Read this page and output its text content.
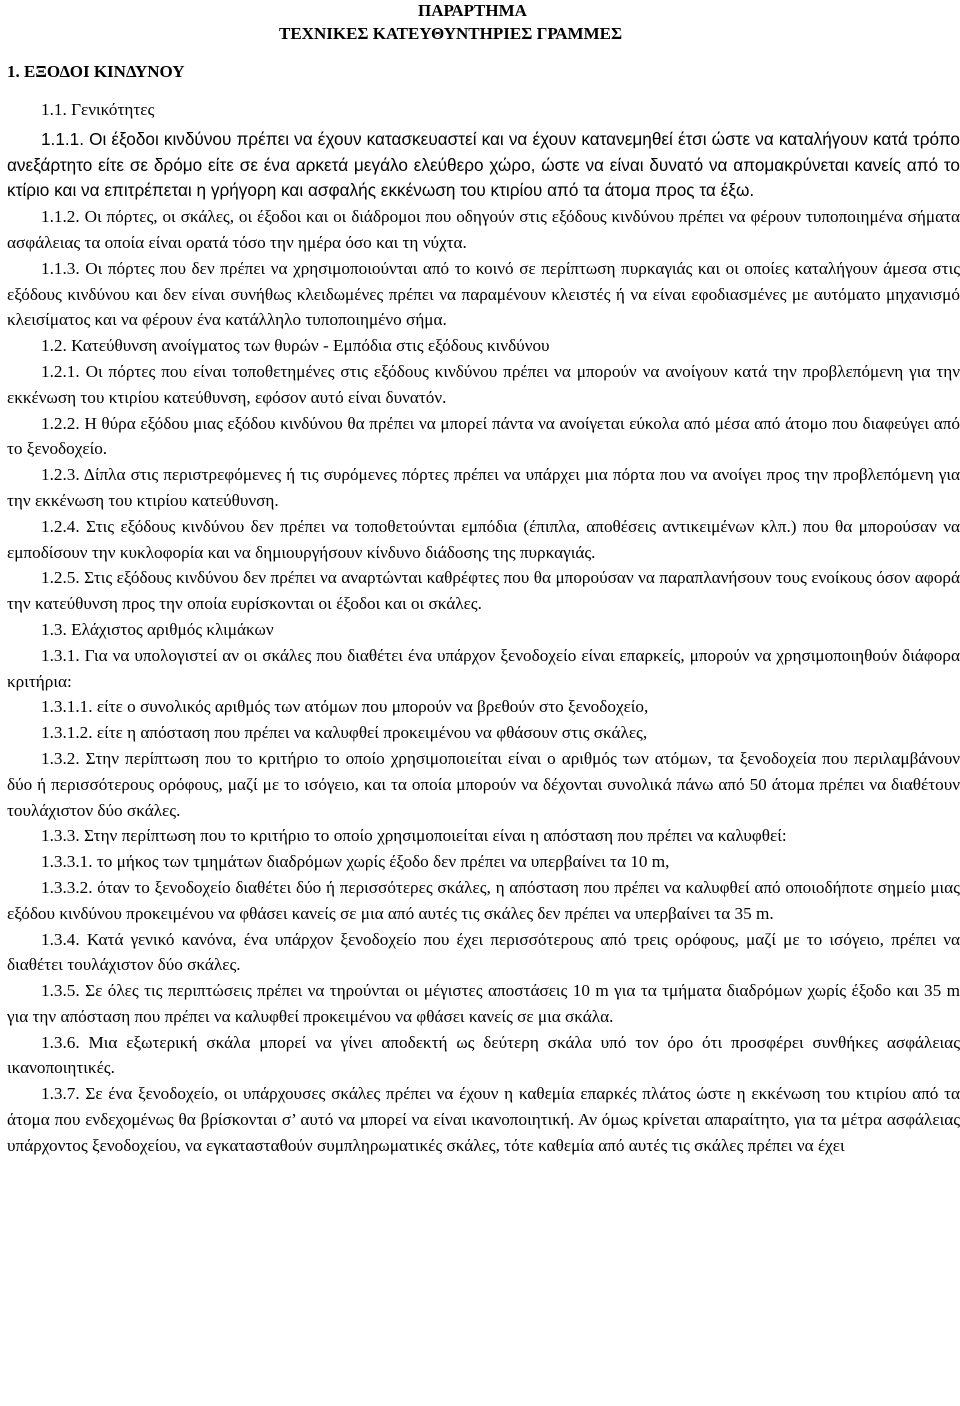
ΠΑΡΑΡΤΗΜΑ
ΤΕΧΝΙΚΕΣ ΚΑΤΕΥΘΥΝΤΗΡΙΕΣ ΓΡΑΜΜΕΣ
1. ΕΞΟΔΟΙ ΚΙΝΔΥΝΟΥ

1.1. Γενικότητες

1.1.1. Οι έξοδοι κινδύνου πρέπει να έχουν κατασκευαστεί και να έχουν κατανεμηθεί έτσι ώστε να καταλήγουν κατά τρόπο ανεξάρτητο είτε σε δρόμο είτε σε ένα αρκετά μεγάλο ελεύθερο χώρο, ώστε να είναι δυνατό να απομακρύνεται κανείς από το κτίριο και να επιτρέπεται η γρήγορη και ασφαλής εκκένωση του κτιρίου από τα άτομα προς τα έξω.

1.1.2. Οι πόρτες, οι σκάλες, οι έξοδοι και οι διάδρομοι που οδηγούν στις εξόδους κινδύνου πρέπει να φέρουν τυποποιημένα σήματα ασφάλειας τα οποία είναι ορατά τόσο την ημέρα όσο και τη νύχτα.

1.1.3. Οι πόρτες που δεν πρέπει να χρησιμοποιούνται από το κοινό σε περίπτωση πυρκαγιάς και οι οποίες καταλήγουν άμεσα στις εξόδους κινδύνου και δεν είναι συνήθως κλειδωμένες πρέπει να παραμένουν κλειστές ή να είναι εφοδιασμένες με αυτόματο μηχανισμό κλεισίματος και να φέρουν ένα κατάλληλο τυποποιημένο σήμα.

1.2. Κατεύθυνση ανοίγματος των θυρών - Εμπόδια στις εξόδους κινδύνου

1.2.1. Οι πόρτες που είναι τοποθετημένες στις εξόδους κινδύνου πρέπει να μπορούν να ανοίγουν κατά την προβλεπόμενη για την εκκένωση του κτιρίου κατεύθυνση, εφόσον αυτό είναι δυνατόν.

1.2.2. Η θύρα εξόδου μιας εξόδου κινδύνου θα πρέπει να μπορεί πάντα να ανοίγεται εύκολα από μέσα από άτομο που διαφεύγει από το ξενοδοχείο.

1.2.3. Δίπλα στις περιστρεφόμενες ή τις συρόμενες πόρτες πρέπει να υπάρχει μια πόρτα που να ανοίγει προς την προβλεπόμενη για την εκκένωση του κτιρίου κατεύθυνση.

1.2.4. Στις εξόδους κινδύνου δεν πρέπει να τοποθετούνται εμπόδια (έπιπλα, αποθέσεις αντικειμένων κλπ.) που θα μπορούσαν να εμποδίσουν την κυκλοφορία και να δημιουργήσουν κίνδυνο διάδοσης της πυρκαγιάς.

1.2.5. Στις εξόδους κινδύνου δεν πρέπει να αναρτώνται καθρέφτες που θα μπορούσαν να παραπλανήσουν τους ενοίκους όσον αφορά την κατεύθυνση προς την οποία ευρίσκονται οι έξοδοι και οι σκάλες.

1.3. Ελάχιστος αριθμός κλιμάκων

1.3.1. Για να υπολογιστεί αν οι σκάλες που διαθέτει ένα υπάρχον ξενοδοχείο είναι επαρκείς, μπορούν να χρησιμοποιηθούν διάφορα κριτήρια:

1.3.1.1. είτε ο συνολικός αριθμός των ατόμων που μπορούν να βρεθούν στο ξενοδοχείο,

1.3.1.2. είτε η απόσταση που πρέπει να καλυφθεί προκειμένου να φθάσουν στις σκάλες,

1.3.2. Στην περίπτωση που το κριτήριο το οποίο χρησιμοποιείται είναι ο αριθμός των ατόμων, τα ξενοδοχεία που περιλαμβάνουν δύο ή περισσότερους ορόφους, μαζί με το ισόγειο, και τα οποία μπορούν να δέχονται συνολικά πάνω από 50 άτομα πρέπει να διαθέτουν τουλάχιστον δύο σκάλες.

1.3.3. Στην περίπτωση που το κριτήριο το οποίο χρησιμοποιείται είναι η απόσταση που πρέπει να καλυφθεί:

1.3.3.1. το μήκος των τμημάτων διαδρόμων χωρίς έξοδο δεν πρέπει να υπερβαίνει τα 10 m,

1.3.3.2. όταν το ξενοδοχείο διαθέτει δύο ή περισσότερες σκάλες, η απόσταση που πρέπει να καλυφθεί από οποιοδήποτε σημείο μιας εξόδου κινδύνου προκειμένου να φθάσει κανείς σε μια από αυτές τις σκάλες δεν πρέπει να υπερβαίνει τα 35 m.

1.3.4. Κατά γενικό κανόνα, ένα υπάρχον ξενοδοχείο που έχει περισσότερους από τρεις ορόφους, μαζί με το ισόγειο, πρέπει να διαθέτει τουλάχιστον δύο σκάλες.

1.3.5. Σε όλες τις περιπτώσεις πρέπει να τηρούνται οι μέγιστες αποστάσεις 10 m για τα τμήματα διαδρόμων χωρίς έξοδο και 35 m για την απόσταση που πρέπει να καλυφθεί προκειμένου να φθάσει κανείς σε μια σκάλα.

1.3.6. Μια εξωτερική σκάλα μπορεί να γίνει αποδεκτή ως δεύτερη σκάλα υπό τον όρο ότι προσφέρει συνθήκες ασφάλειας ικανοποιητικές.

1.3.7. Σε ένα ξενοδοχείο, οι υπάρχουσες σκάλες πρέπει να έχουν η καθεμία επαρκές πλάτος ώστε η εκκένωση του κτιρίου από τα άτομα που ενδεχομένως θα βρίσκονται σ’ αυτό να μπορεί να είναι ικανοποιητική. Αν όμως κρίνεται απαραίτητο, για τα μέτρα ασφάλειας υπάρχοντος ξενοδοχείου, να εγκατασταθούν συμπληρωματικές σκάλες, τότε καθεμία από αυτές τις σκάλες πρέπει να έχει
